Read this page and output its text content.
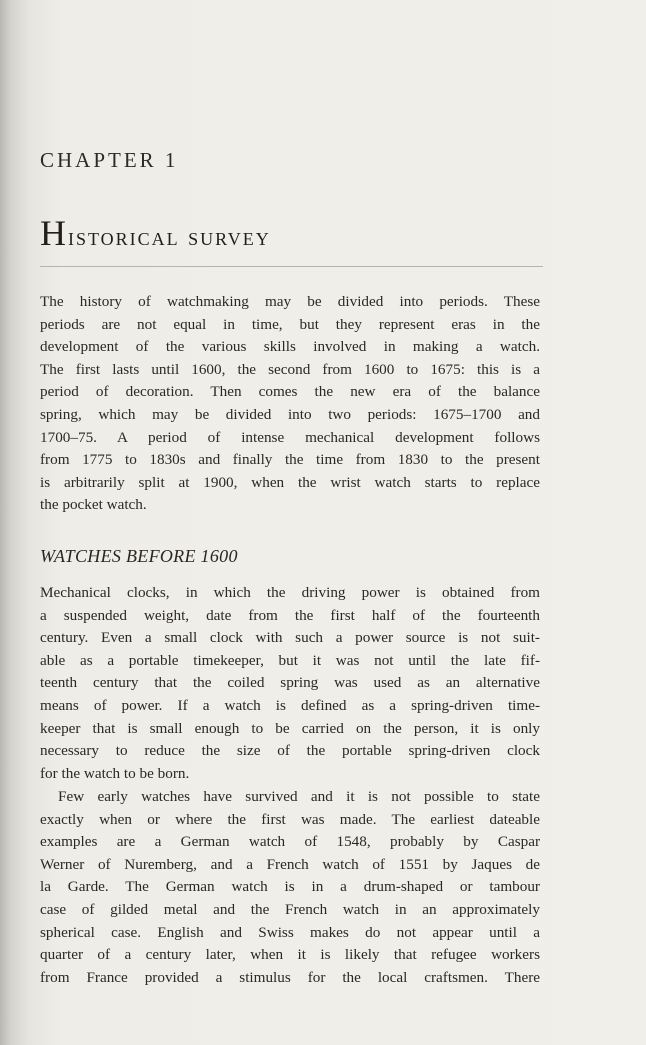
CHAPTER 1
Historical survey
The history of watchmaking may be divided into periods. These
periods are not equal in time, but they represent eras in the
development of the various skills involved in making a watch.
The first lasts until 1600, the second from 1600 to 1675: this is a
period of decoration. Then comes the new era of the balance
spring, which may be divided into two periods: 1675–1700 and
1700–75. A period of intense mechanical development follows
from 1775 to 1830s and finally the time from 1830 to the present
is arbitrarily split at 1900, when the wrist watch starts to replace
the pocket watch.
WATCHES BEFORE 1600
Mechanical clocks, in which the driving power is obtained from
a suspended weight, date from the first half of the fourteenth
century. Even a small clock with such a power source is not suit-
able as a portable timekeeper, but it was not until the late fif-
teenth century that the coiled spring was used as an alternative
means of power. If a watch is defined as a spring-driven time-
keeper that is small enough to be carried on the person, it is only
necessary to reduce the size of the portable spring-driven clock
for the watch to be born.
Few early watches have survived and it is not possible to state
exactly when or where the first was made. The earliest dateable
examples are a German watch of 1548, probably by Caspar
Werner of Nuremberg, and a French watch of 1551 by Jaques de
la Garde. The German watch is in a drum-shaped or tambour
case of gilded metal and the French watch in an approximately
spherical case. English and Swiss makes do not appear until a
quarter of a century later, when it is likely that refugee workers
from France provided a stimulus for the local craftsmen. There
